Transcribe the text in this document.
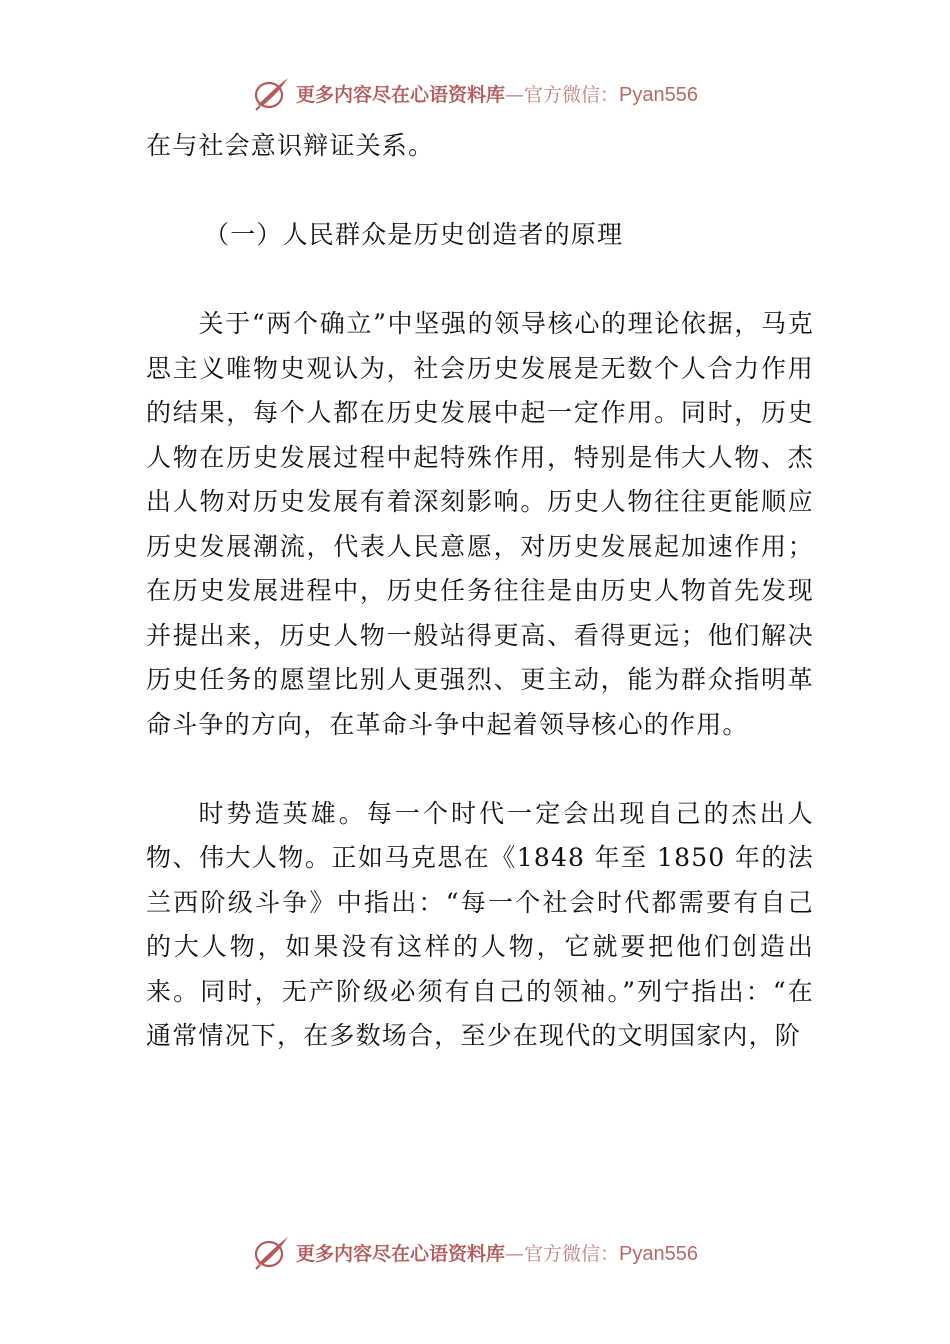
更多内容尽在心语资料库—官方微信：Pyan556

在与社会意识辩证关系。

（一）人民群众是历史创造者的原理

关于“两个确立”中坚强的领导核心的理论依据，马克思主义唯物史观认为，社会历史发展是无数个人合力作用的结果，每个人都在历史发展中起一定作用。同时，历史人物在历史发展过程中起特殊作用，特别是伟大人物、杰出人物对历史发展有着深刻影响。历史人物往往更能顺应历史发展潮流，代表人民意愿，对历史发展起加速作用；在历史发展进程中，历史任务往往是由历史人物首先发现并提出来，历史人物一般站得更高、看得更远；他们解决历史任务的愿望比别人更强烈、更主动，能为群众指明革命斗争的方向，在革命斗争中起着领导核心的作用。

时势造英雄。每一个时代一定会出现自己的杰出人物、伟大人物。正如马克思在《1848 年至 1850 年的法兰西阶级斗争》中指出：“每一个社会时代都需要有自己的大人物，如果没有这样的人物，它就要把他们创造出来。同时，无产阶级必须有自己的领袖。”列宁指出：“在通常情况下，在多数场合，至少在现代的文明国家内，阶

更多内容尽在心语资料库—官方微信：Pyan556
